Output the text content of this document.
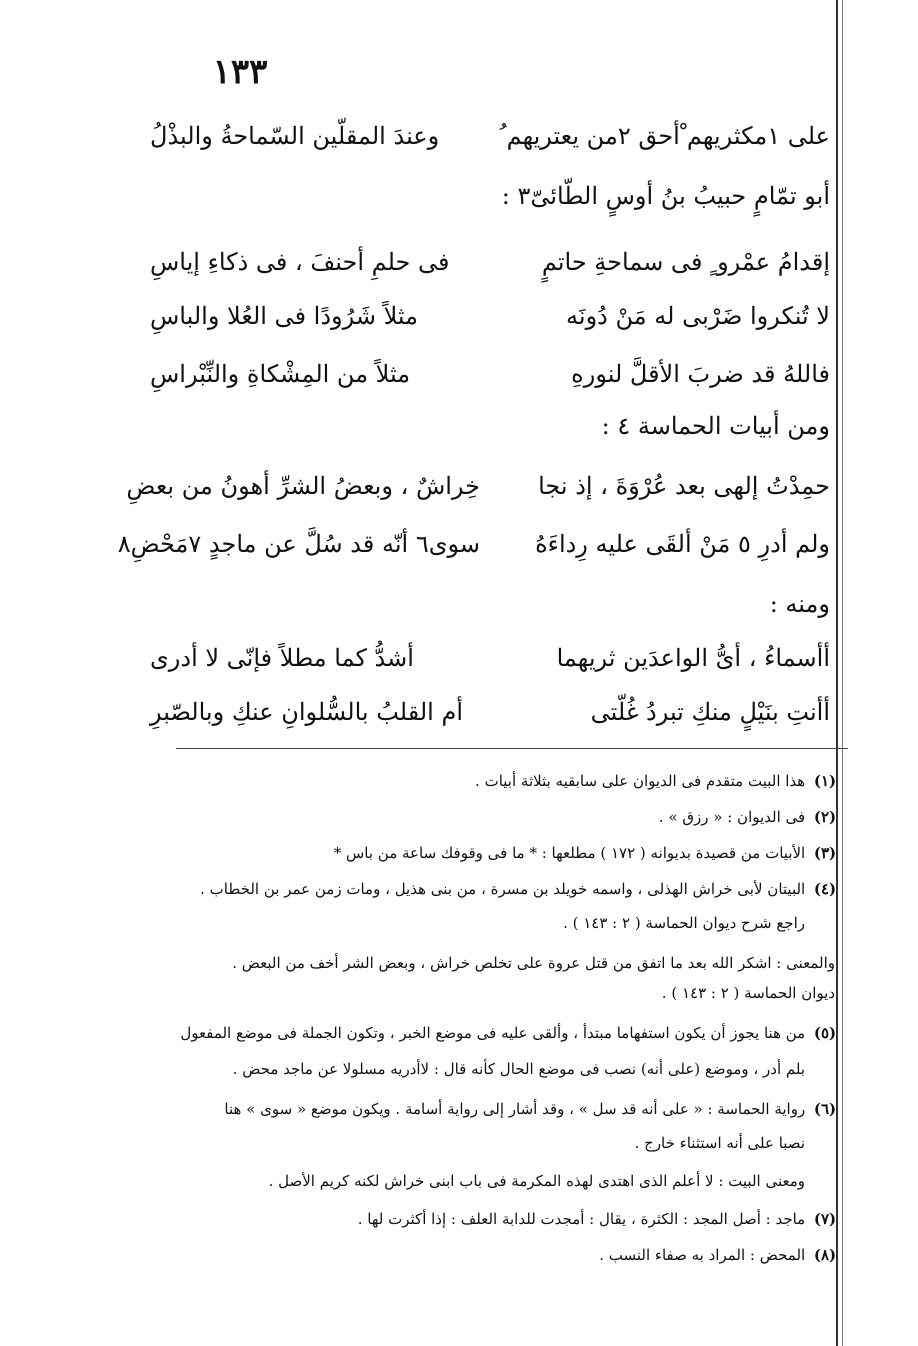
١٣٣
على ١مكثريهم ْأحق ٢من يعتريهم ُ
وعندَ المقلّين السّماحةُ والبذْلُ
أبو تمّامٍ حبيبُ بنُ أوسٍ الطّائىّ٣ :
إقدامُ عمْرو ٍ فى سماحةِ حاتمٍ
فى حلمِ أحنفَ ، فى ذكاءِ إياسِ
لا تُنكروا ضَرْبى له مَنْ دُونَه
مثلاً شَرُودًا فى العُلا والباسِ
فاللهُ قد ضربَ الأقلَّ لنورهِ
مثلاً من المِشْكاةِ والنِّبْراسِ
ومن أبيات الحماسة ٤ :
حمِدْتُ إلهى بعد عُرْوَةَ ، إذ نجا
خِراشٌ ، وبعضُ الشرِّ أهونُ من بعضِ
ولم أدرِ ٥ مَنْ ألقَى عليه رِداءَهُ
سوى٦ أنّه قد سُلَّ عن ماجدٍ ٧مَحْضِ٨
ومنه :
أأسماءُ ، أىُّ الواعدَين ثريهما
أشدُّ كما مطلاً فإنّى لا أدرى
أأنتِ بنَيْلٍ منكِ تبردُ غُلّتى
أم القلبُ بالسُّلوانِ عنكِ وبالصّبرِ
(١) هذا البيت متقدم فى الديوان على سابقيه بثلاثة أبيات .
(٢) فى الديوان : « رزق » .
(٣) الأبيات من قصيدة بديوانه ( ١٧٢ ) مطلعها : * ما فى وقوفك ساعة من باس *
(٤) البيتان لأبى خراش الهذلى ، واسمه خويلد بن مسرة ، من بنى هذيل ، ومات زمن عمر بن الخطاب .
راجع شرح ديوان الحماسة ( ٢ : ١٤٣ ) .
والمعنى : اشكر الله بعد ما اتفق من قتل عروة على تخلص خراش ، وبعض الشر أخف من البعض .
ديوان الحماسة ( ٢ : ١٤٣ ) .
(٥) من هنا يجوز أن يكون استفهاما مبتدأ ، وألقى عليه فى موضع الخبر ، وتكون الجملة فى موضع المفعول
بلم أدر ، وموضع (على أنه) نصب فى موضع الحال كأنه قال : لاأدريه مسلولا عن ماجد محض .
(٦) رواية الحماسة : « على أنه قد سل » ، وقد أشار إلى رواية أسامة . ويكون موضع « سوى » هنا
نصبا على أنه استثناء خارج .
ومعنى البيت : لا أعلم الذى اهتدى لهذه المكرمة فى باب ابنى خراش لكنه كريم الأصل .
(٧) ماجد : أصل المجد : الكثرة ، يقال : أمجدت للدابة العلف : إذا أكثرت لها .
(٨) المحض : المراد به صفاء النسب .
